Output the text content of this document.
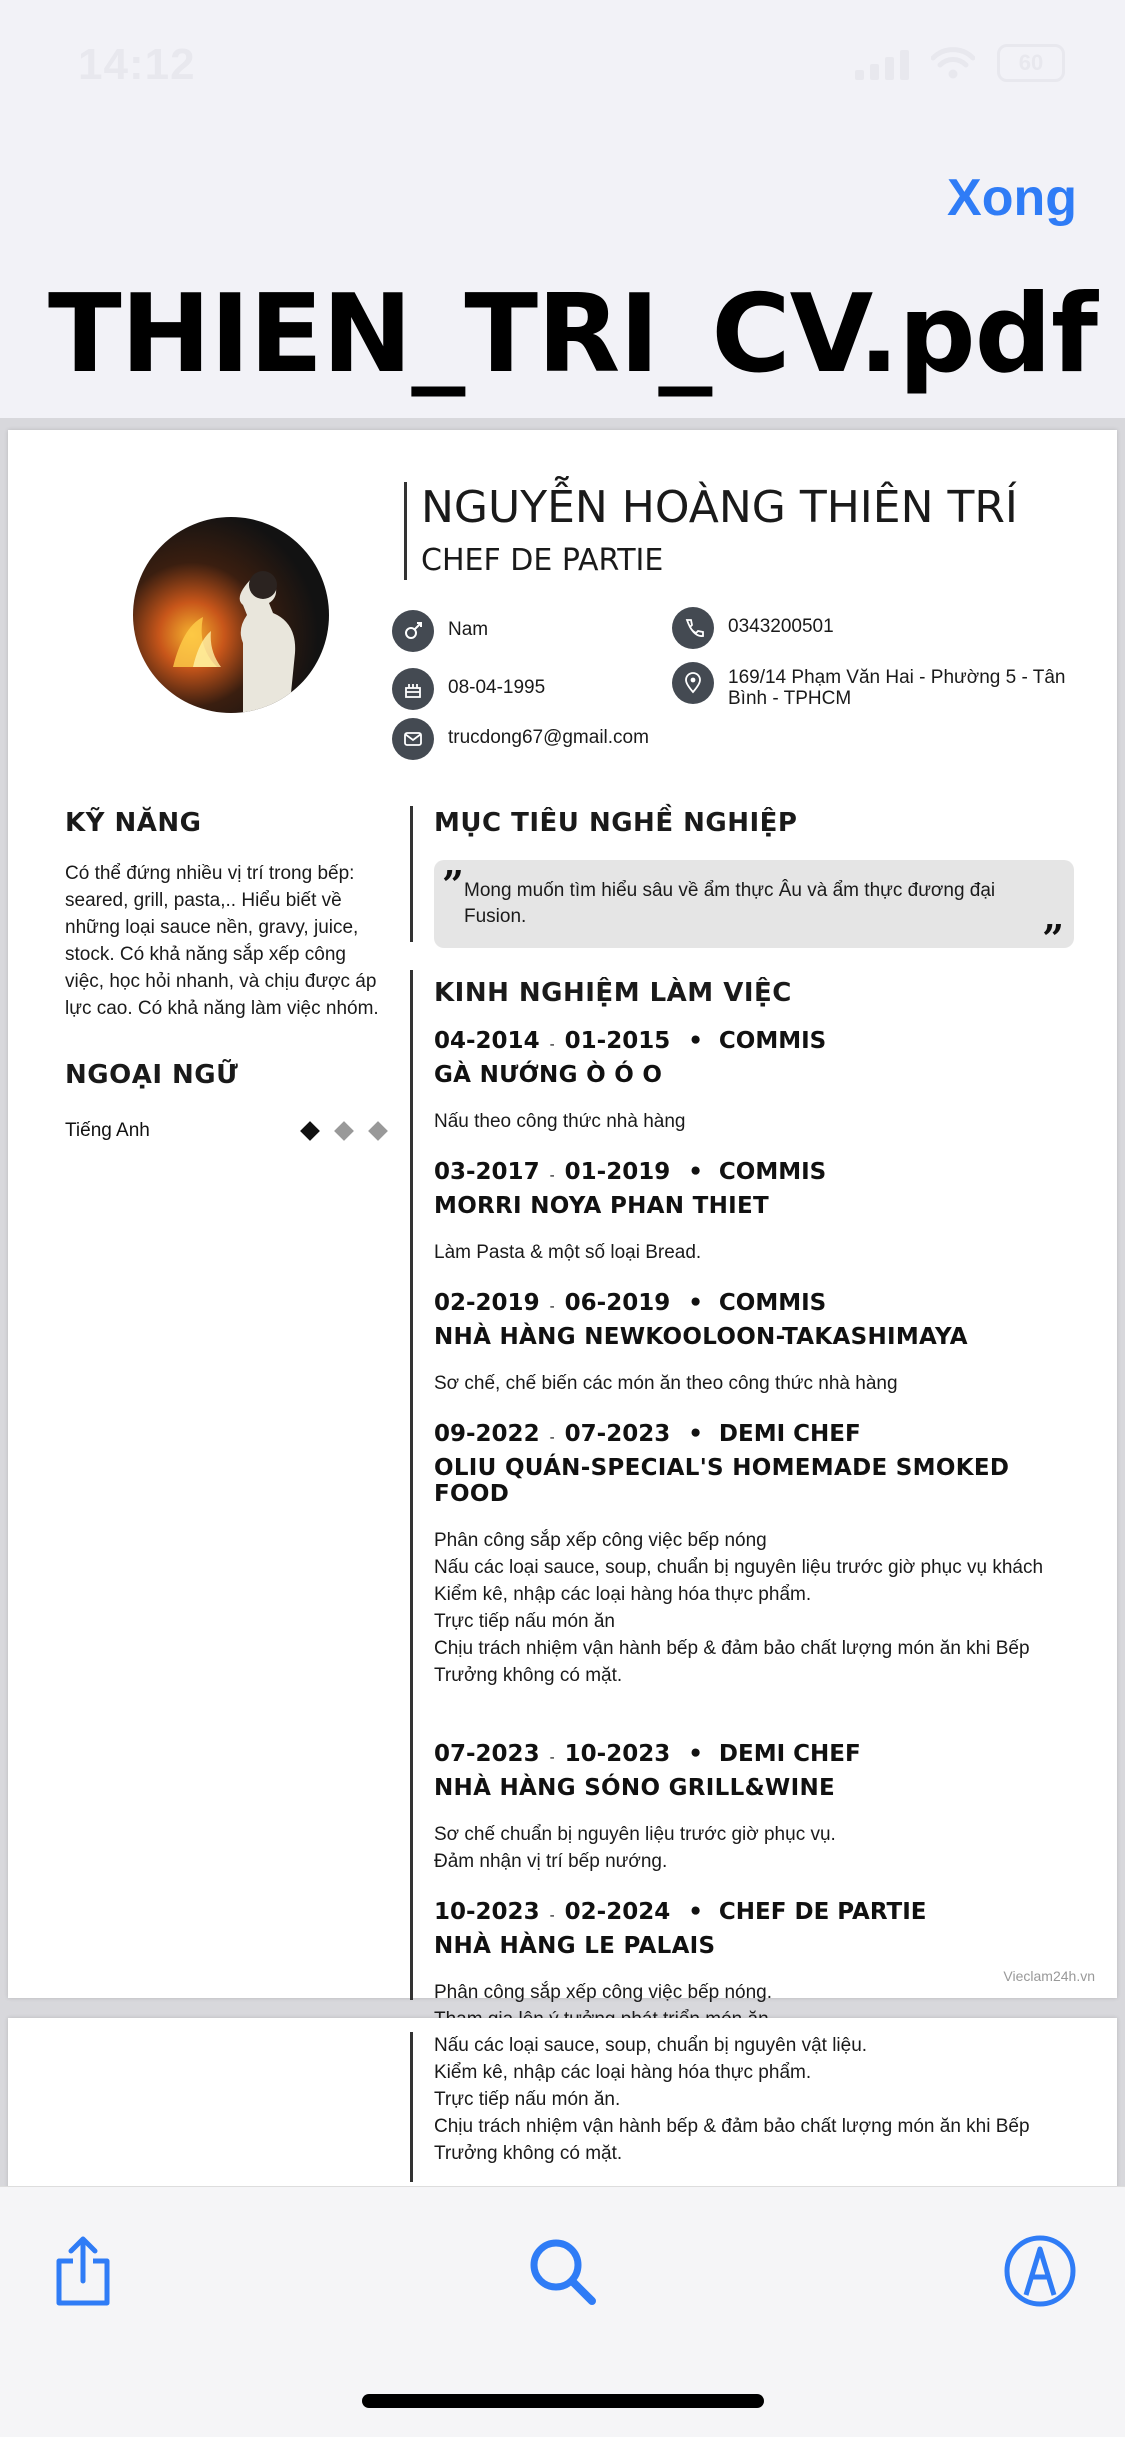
14:12	60
Xong
THIEN_TRI_CV.pdf
NGUYỄN HOÀNG THIÊN TRÍ
CHEF DE PARTIE
Nam	0343200501
08-04-1995	169/14 Phạm Văn Hai - Phường 5 - Tân Bình - TPHCM
trucdong67@gmail.com
KỸ NĂNG
Có thể đứng nhiều vị trí trong bếp: seared, grill, pasta,.. Hiểu biết về những loại sauce nền, gravy, juice, stock. Có khả năng sắp xếp công việc, học hỏi nhanh, và chịu được áp lực cao. Có khả năng làm việc nhóm.
NGOẠI NGỮ
Tiếng Anh
MỤC TIÊU NGHỀ NGHIỆP
” Mong muốn tìm hiểu sâu về ẩm thực Âu và ẩm thực đương đại Fusion.	”
KINH NGHIỆM LÀM VIỆC
04-2014 - 01-2015 • COMMIS
GÀ NƯỚNG Ò Ó O
Nấu theo công thức nhà hàng
03-2017 - 01-2019 • COMMIS
MORRI NOYA PHAN THIET
Làm Pasta & một số loại Bread.
02-2019 - 06-2019 • COMMIS
NHÀ HÀNG NEWKOOLOON-TAKASHIMAYA
Sơ chế, chế biến các món ăn theo công thức nhà hàng
09-2022 - 07-2023 • DEMI CHEF
OLIU QUÁN-SPECIAL'S HOMEMADE SMOKED FOOD
Phân công sắp xếp công việc bếp nóng
Nấu các loại sauce, soup, chuẩn bị nguyên liệu trước giờ phục vụ khách
Kiểm kê, nhập các loại hàng hóa thực phẩm.
Trực tiếp nấu món ăn
Chịu trách nhiệm vận hành bếp & đảm bảo chất lượng món ăn khi Bếp Trưởng không có mặt.
07-2023 - 10-2023 • DEMI CHEF
NHÀ HÀNG SÓNO GRILL&WINE
Sơ chế chuẩn bị nguyên liệu trước giờ phục vụ.
Đảm nhận vị trí bếp nướng.
10-2023 - 02-2024 • CHEF DE PARTIE
NHÀ HÀNG LE PALAIS
Phân công sắp xếp công việc bếp nóng.

Vieclam24h.vn
Nấu các loại sauce, soup, chuẩn bị nguyên vật liệu.
Kiểm kê, nhập các loại hàng hóa thực phẩm.
Trực tiếp nấu món ăn.
Chịu trách nhiệm vận hành bếp & đảm bảo chất lượng món ăn khi Bếp Trưởng không có mặt.
